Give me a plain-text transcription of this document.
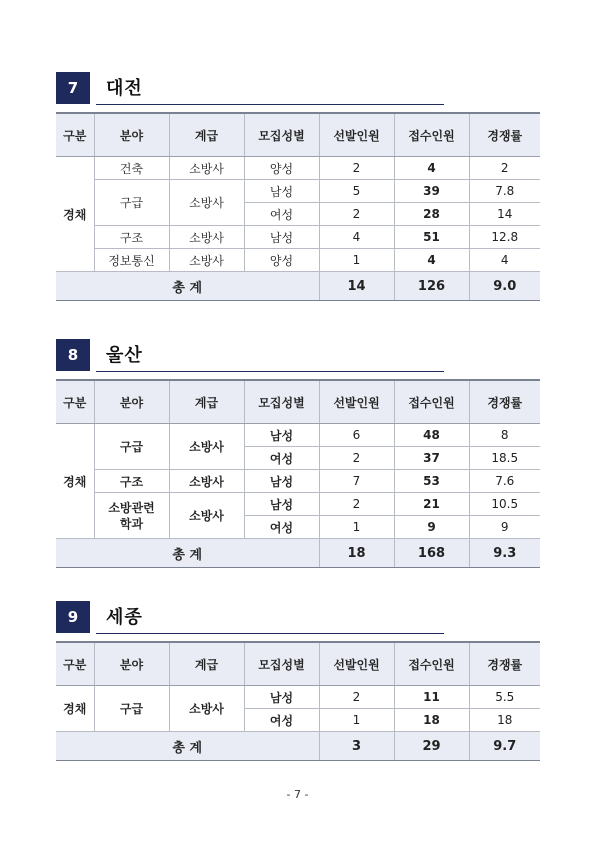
7	대전
구분	분야	계급	모집성별	선발인원	접수인원	경쟁률
경채	건축	소방사	양성	2	4	2
	구급	소방사	남성	5	39	7.8
			여성	2	28	14
	구조	소방사	남성	4	51	12.8
	정보통신	소방사	양성	1	4	4
총 계				14	126	9.0
8	울산
구분	분야	계급	모집성별	선발인원	접수인원	경쟁률
경채	구급	소방사	남성	6	48	8
			여성	2	37	18.5
	구조	소방사	남성	7	53	7.6
	소방관련 학과	소방사	남성	2	21	10.5
			여성	1	9	9
총 계				18	168	9.3
9	세종
구분	분야	계급	모집성별	선발인원	접수인원	경쟁률
경채	구급	소방사	남성	2	11	5.5
			여성	1	18	18
총 계				3	29	9.7
- 7 -
